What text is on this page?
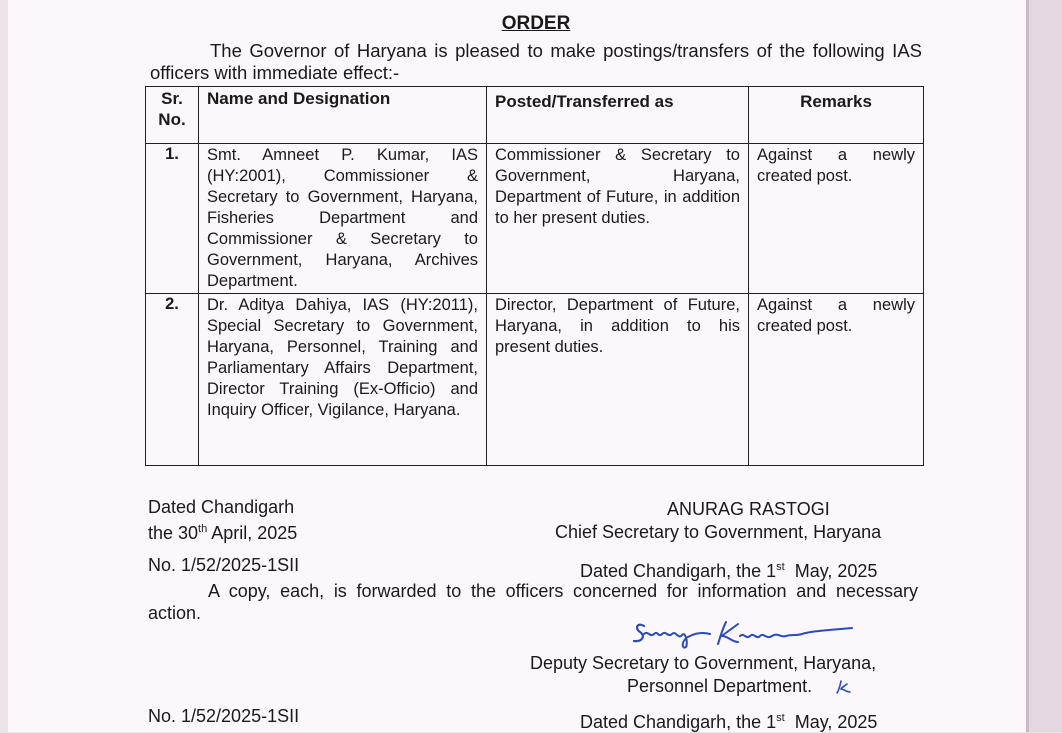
ORDER
The Governor of Haryana is pleased to make postings/transfers of the following IAS officers with immediate effect:-
Sr. No.	Name and Designation	Posted/Transferred as	Remarks
1.	Smt. Amneet P. Kumar, IAS (HY:2001), Commissioner & Secretary to Government, Haryana, Fisheries Department and Commissioner & Secretary to Government, Haryana, Archives Department.	Commissioner & Secretary to Government, Haryana, Department of Future, in addition to her present duties.	Against a newly created post.
2.	Dr. Aditya Dahiya, IAS (HY:2011), Special Secretary to Government, Haryana, Personnel, Training and Parliamentary Affairs Department, Director Training (Ex-Officio) and Inquiry Officer, Vigilance, Haryana.	Director, Department of Future, Haryana, in addition to his present duties.	Against a newly created post.
Dated Chandigarh
the 30th April, 2025
ANURAG RASTOGI
Chief Secretary to Government, Haryana
No. 1/52/2025-1SII	Dated Chandigarh, the 1st  May, 2025
A copy, each, is forwarded to the officers concerned for information and necessary action.
Deputy Secretary to Government, Haryana,
Personnel Department.
No. 1/52/2025-1SII	Dated Chandigarh, the 1st  May, 2025
